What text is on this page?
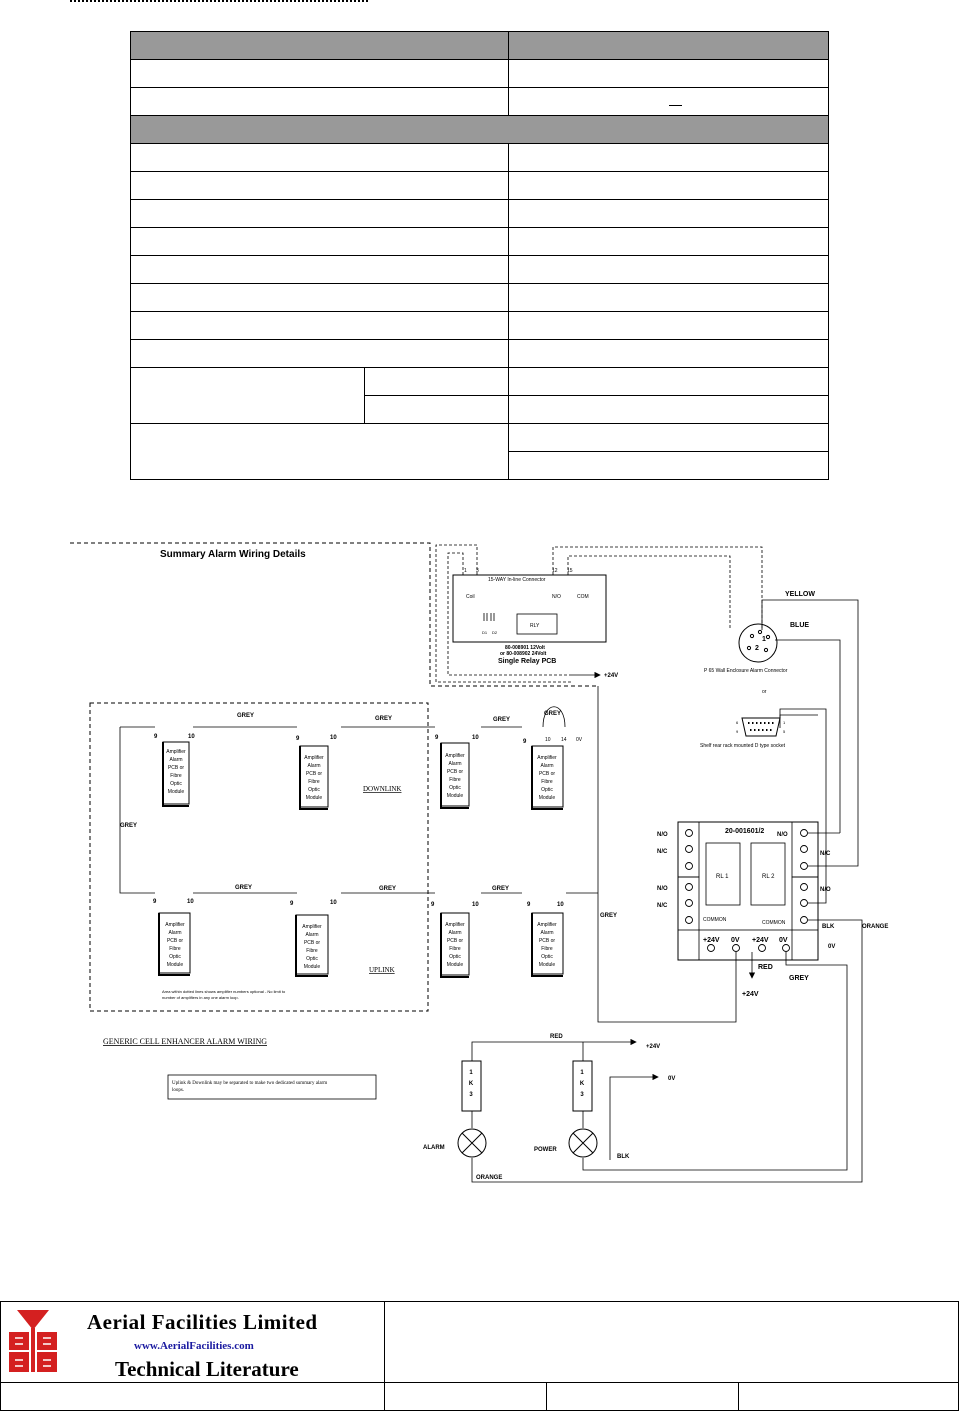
Summary Alarm Wiring Details
15-WAY In-line Connector
1 3	12 15
Coil	N/O	COM
RLY
D1 D2
80-008901 12Volt
or 80-008902 24Volt
Single Relay PCB
+24V
YELLOW
BLUE
1
2
P 65 Wall Enclosure Alarm Connector
or
6	1
9	5
Shelf rear rack mounted D type socket
20-001601/2
RL 1	RL 2
N/O
N/C
N/O
N/C
N/O
N/C
N/O
COMMON	COMMON
+24V 0V +24V 0V
RED
+24V
GREY
BLK	ORANGE
0V
GREY	GREY	GREY
GREY
GREY
GREY	GREY	GREY
GREY
9	10
Amplifier
Alarm
PCB or
Fibre
Optic
Module
9	10
Amplifier
Alarm
PCB or
Fibre
Optic
Module
9	10
Amplifier
Alarm
PCB or
Fibre
Optic
Module
9	10 14 0V
Amplifier
Alarm
PCB or
Fibre
Optic
Module
DOWNLINK
9	10
Amplifier
Alarm
PCB or
Fibre
Optic
Module
9	10
Amplifier
Alarm
PCB or
Fibre
Optic
Module
9	10
Amplifier
Alarm
PCB or
Fibre
Optic
Module
9	10
Amplifier
Alarm
PCB or
Fibre
Optic
Module
UPLINK
Area within dotted lines shows amplifier numbers optional - No limit to
number of amplifiers in any one alarm loop.
GENERIC CELL ENHANCER ALARM WIRING
Uplink & Downlink may be separated to make two dedicated summary alarm
loops.
RED
+24V
1
K
3
1
K
3
ALARM	POWER
0V
BLK
ORANGE
Aerial Facilities Limited
www.AerialFacilities.com
Technical Literature			
